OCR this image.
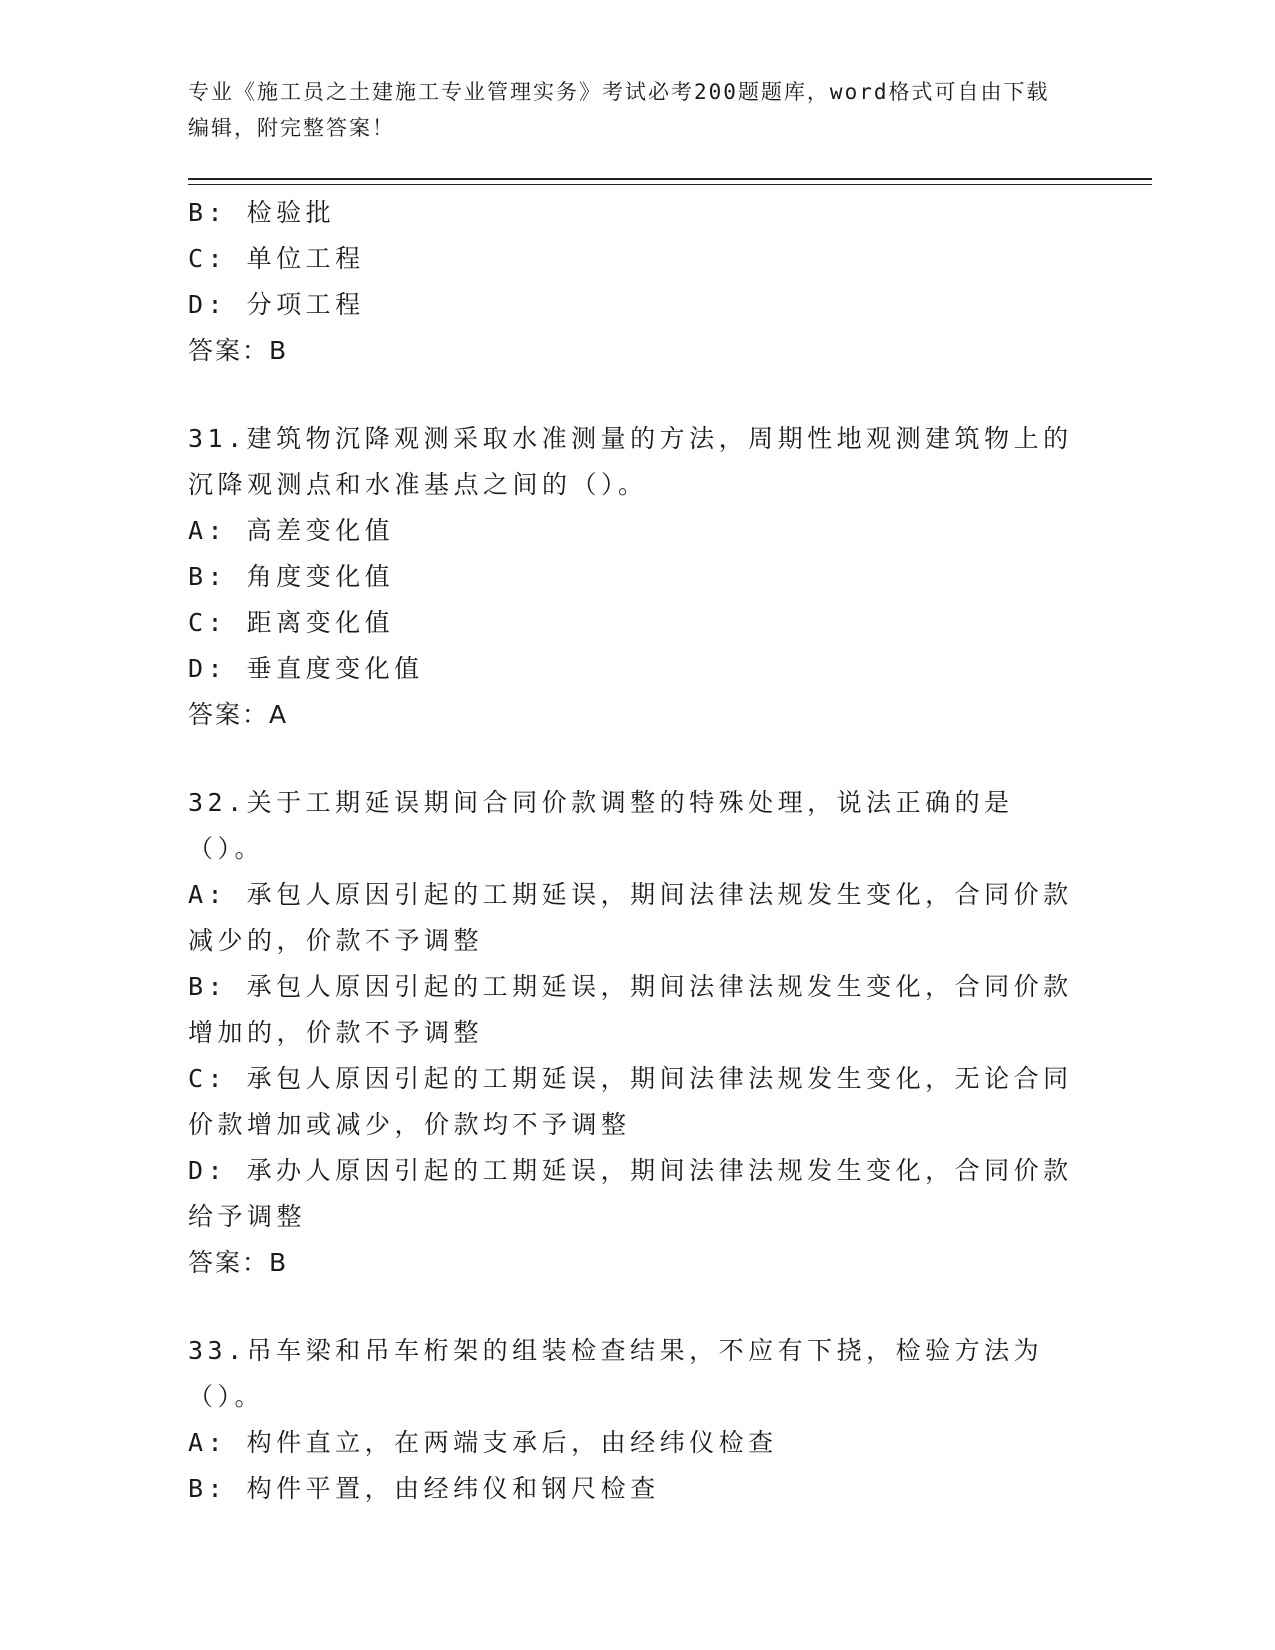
专业《施工员之土建施工专业管理实务》考试必考200题题库，word格式可自由下载编辑，附完整答案！

B: 检验批

C: 单位工程

D: 分项工程

答案：B

31.建筑物沉降观测采取水准测量的方法，周期性地观测建筑物上的沉降观测点和水准基点之间的（）。

A: 高差变化值

B: 角度变化值

C: 距离变化值

D: 垂直度变化值

答案：A

32.关于工期延误期间合同价款调整的特殊处理，说法正确的是（）。

A: 承包人原因引起的工期延误，期间法律法规发生变化，合同价款减少的，价款不予调整

B: 承包人原因引起的工期延误，期间法律法规发生变化，合同价款增加的，价款不予调整

C: 承包人原因引起的工期延误，期间法律法规发生变化，无论合同价款增加或减少，价款均不予调整

D: 承办人原因引起的工期延误，期间法律法规发生变化，合同价款给予调整

答案：B

33.吊车梁和吊车桁架的组装检查结果，不应有下挠，检验方法为（）。

A: 构件直立，在两端支承后，由经纬仪检查

B: 构件平置，由经纬仪和钢尺检查
